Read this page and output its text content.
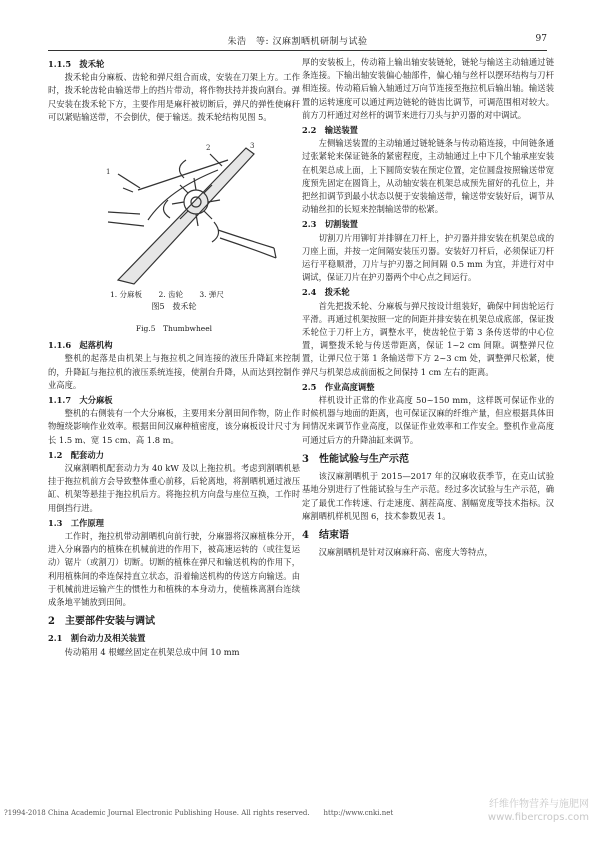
朱浩　等: 汉麻割晒机研制与试验	97
1.1.5　拨禾轮
拨禾轮由分麻板、齿轮和弹尺组合而成，安装在刀架上方。工作时，拨禾轮齿轮由输送带上的挡片带动，将作物扶持并拨向割台。弹尺安装在拨禾轮下方，主要作用是麻秆被切断后，弹尺的弹性使麻秆可以紧贴输送带，不会倒伏，便于输送。拨禾轮结构见图 5。
1
2	3
1. 分麻板 2. 齿轮 3. 弹尺
图5　拨禾轮
Fig.5　Thumbwheel
1.1.6　起落机构
整机的起落是由机架上与拖拉机之间连接的液压升降缸来控制的，升降缸与拖拉机的液压系统连接，使割台升降，从而达到控制作业高度。
1.1.7　大分麻板
整机的右侧装有一个大分麻板，主要用来分割田间作物，防止作物缠绕影响作业效率。根据田间汉麻种植密度，该分麻板设计尺寸为长 1.5 m、宽 15 cm、高 1.8 m。
1.2　配套动力
汉麻割晒机配套动力为 40 kW 及以上拖拉机。考虑到割晒机悬挂于拖拉机前方会导致整体重心前移，后轮离地，将割晒机通过液压缸、机架等悬挂于拖拉机后方。将拖拉机方向盘与座位互换，工作时用倒挡行进。
1.3　工作原理
工作时，拖拉机带动割晒机向前行驶，分麻器将汉麻植株分开，进入分麻器内的植株在机械前进的作用下，被高速运转的（或往复运动）锯片（或割刀）切断。切断的植株在弹尺和输送机构的作用下，利用植株间的牵连保持直立状态，沿着输送机构的传送方向输送。由于机械前进运输产生的惯性力和植株的本身动力，使植株离割台连续成条地平铺放到田间。
2　主要部件安装与调试
2.1　割台动力及相关装置
传动箱用 4 根螺丝固定在机架总成中间 10 mm
厚的安装板上，传动箱上输出轴安装链轮，链轮与输送主动轴通过链条连接。下输出轴安装偏心轴部件，偏心轴与丝杆以摆环结构与刀杆相连接。传动箱后输入轴通过万向节连接至拖拉机后输出轴。输送装置的运转速度可以通过两边链轮的链齿比调节，可调范围相对较大。前方刀杆通过对丝杆的调节来进行刀头与护刃器的对中调试。
2.2　输送装置
左侧输送装置的主动轴通过链轮链条与传动箱连接，中间链条通过张紧轮来保证链条的紧密程度，主动轴通过上中下几个轴承座安装在机架总成上面，上下圆筒安装在预定位置，定位圆盘按照输送带宽度预先固定在圆筒上，从动轴安装在机架总成预先留好的孔位上，并把丝扣调节到最小状态以便于安装输送带，输送带安装好后，调节从动轴丝扣的长短来控制输送带的松紧。
2.3　切割装置
切割刀片用铆钉并排铆在刀杆上，护刃器并排安装在机架总成的刀座上面，并按一定间隔安装压刃器。安装好刀杆后，必须保证刀杆运行平稳顺滑，刀片与护刃器之间间隔 0.5 mm 为宜，并进行对中调试，保证刀片在护刃器两个中心点之间运行。
2.4　拨禾轮
首先把拨禾轮、分麻板与弹尺按设计组装好，确保中间齿轮运行平滑。再通过机架按照一定的间距并排安装在机架总成底部，保证拨禾轮位于刀杆上方，调整水平，使齿轮位于第 3 条传送带的中心位置，调整拨禾轮与传送带距离，保证 1~2 cm 间隙。调整弹尺位置，让弹尺位于第 1 条输送带下方 2~3 cm 处，调整弹尺松紧，使弹尺与机架总成前面板之间保持 1 cm 左右的距离。
2.5　作业高度调整
样机设计正常的作业高度 50~150 mm，这样既可保证作业的时候机器与地面的距离，也可保证汉麻的纤维产量，但应根据具体田间情况来调节作业高度，以保证作业效率和工作安全。整机作业高度可通过后方的升降油缸来调节。
3　性能试验与生产示范
该汉麻割晒机于 2015—2017 年的汉麻收获季节，在克山试验基地分别进行了性能试验与生产示范。经过多次试验与生产示范，确定了最优工作转速、行走速度、割茬高度、割幅宽度等技术指标。汉麻割晒机样机见图 6，技术参数见表 1。
4　结束语
汉麻割晒机是针对汉麻麻秆高、密度大等特点，
纤维作物营养与施肥网
www.fibercrops.com
?1994-2018 China Academic Journal Electronic Publishing House. All rights reserved.　　http://www.cnki.net
